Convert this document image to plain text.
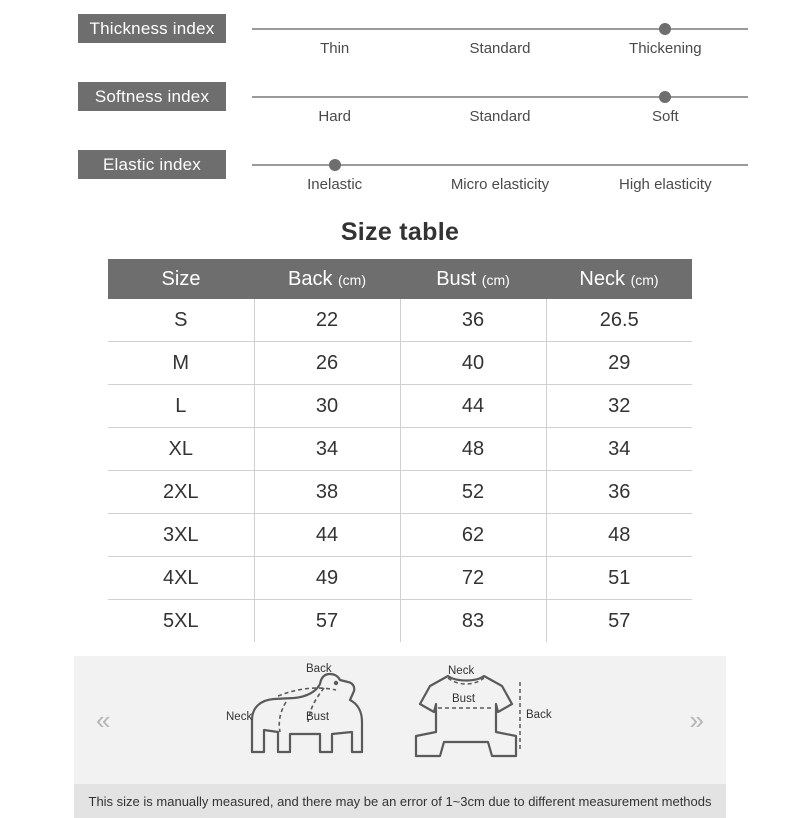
Thickness index
Thin	Standard	Thickening
Softness index
Hard	Standard	Soft
Elastic index
Inelastic	Micro elasticity	High elasticity
Size table
Size	Back (cm)	Bust (cm)	Neck (cm)
S	22	36	26.5
M	26	40	29
L	30	44	32
XL	34	48	34
2XL	38	52	36
3XL	44	62	48
4XL	49	72	51
5XL	57	83	57
«	»
Back
Bust
Neck
Neck
Bust
Back
This size is manually measured, and there may be an error of 1~3cm due to different measurement methods
